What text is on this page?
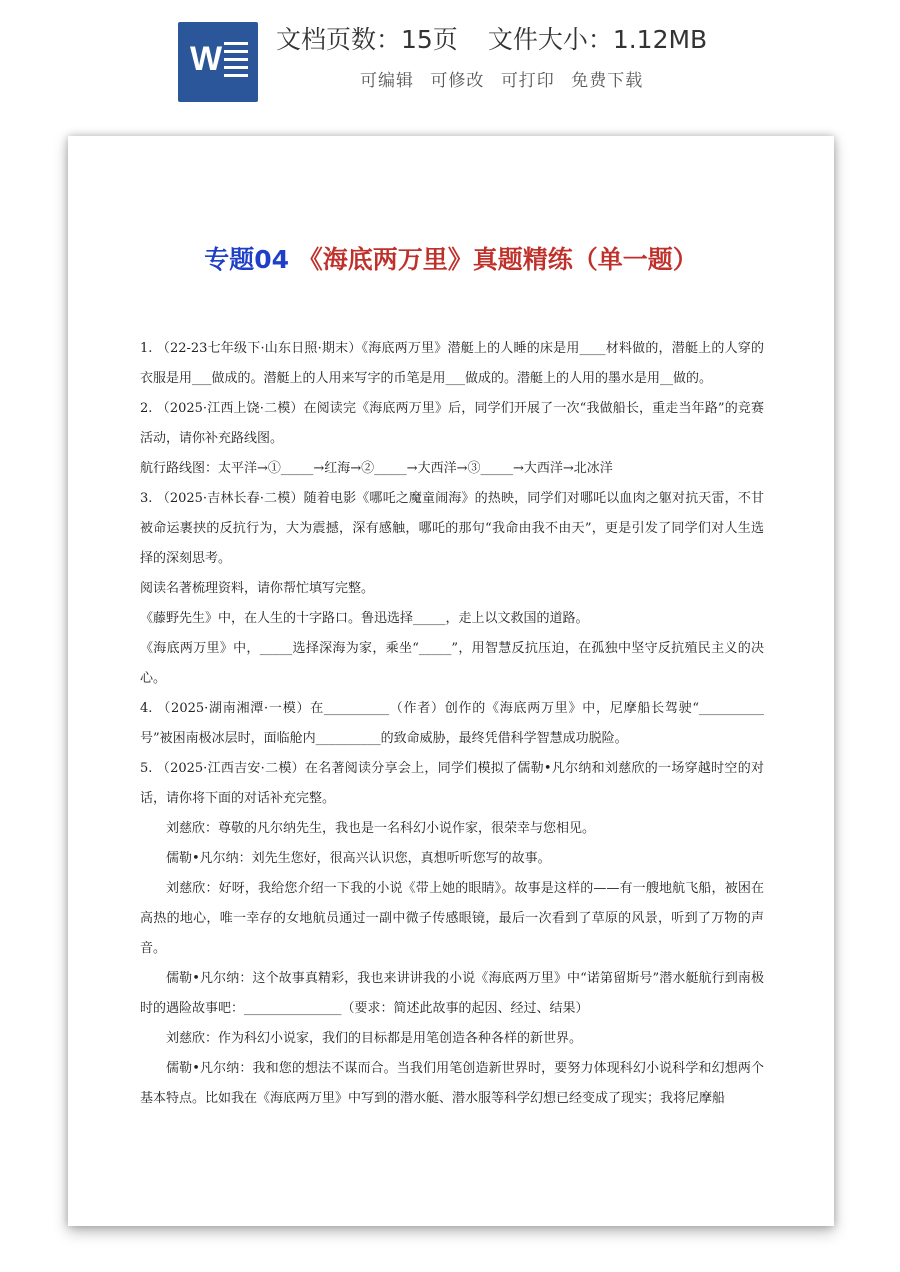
W
文档页数：15页 文件大小：1.12MB
可编辑 可修改 可打印 免费下载
专题04 《海底两万里》真题精练（单一题）

1. （22-23七年级下·山东日照·期末）《海底两万里》潜艇上的人睡的床是用____材料做的，潜艇上的人穿的衣服是用___做成的。潜艇上的人用来写字的币笔是用___做成的。潜艇上的人用的墨水是用__做的。

2. （2025·江西上饶·二模）在阅读完《海底两万里》后，同学们开展了一次“我做船长，重走当年路”的竞赛活动，请你补充路线图。

航行路线图：太平洋→①_____→红海→②_____→大西洋→③_____→大西洋→北冰洋

3. （2025·吉林长春·二模）随着电影《哪吒之魔童闹海》的热映，同学们对哪吒以血肉之躯对抗天雷，不甘被命运裹挟的反抗行为，大为震撼，深有感触，哪吒的那句“我命由我不由天”，更是引发了同学们对人生选择的深刻思考。

阅读名著梳理资料，请你帮忙填写完整。

《藤野先生》中，在人生的十字路口。鲁迅选择_____，走上以文救国的道路。

《海底两万里》中，_____选择深海为家，乘坐“_____”，用智慧反抗压迫，在孤独中坚守反抗殖民主义的决心。

4. （2025·湖南湘潭·一模）在__________（作者）创作的《海底两万里》中，尼摩船长驾驶“__________号”被困南极冰层时，面临舱内__________的致命威胁，最终凭借科学智慧成功脱险。

5. （2025·江西吉安·二模）在名著阅读分享会上，同学们模拟了儒勒•凡尔纳和刘慈欣的一场穿越时空的对话，请你将下面的对话补充完整。

刘慈欣：尊敬的凡尔纳先生，我也是一名科幻小说作家，很荣幸与您相见。

儒勒•凡尔纳：刘先生您好，很高兴认识您，真想听听您写的故事。

刘慈欣：好呀，我给您介绍一下我的小说《带上她的眼睛》。故事是这样的——有一艘地航飞船，被困在高热的地心，唯一幸存的女地航员通过一副中微子传感眼镜，最后一次看到了草原的风景，听到了万物的声音。

儒勒•凡尔纳：这个故事真精彩，我也来讲讲我的小说《海底两万里》中“诺第留斯号”潜水艇航行到南极时的遇险故事吧：_______________（要求：简述此故事的起因、经过、结果）

刘慈欣：作为科幻小说家，我们的目标都是用笔创造各种各样的新世界。

儒勒•凡尔纳：我和您的想法不谋而合。当我们用笔创造新世界时，要努力体现科幻小说科学和幻想两个基本特点。比如我在《海底两万里》中写到的潜水艇、潜水服等科学幻想已经变成了现实；我将尼摩船
